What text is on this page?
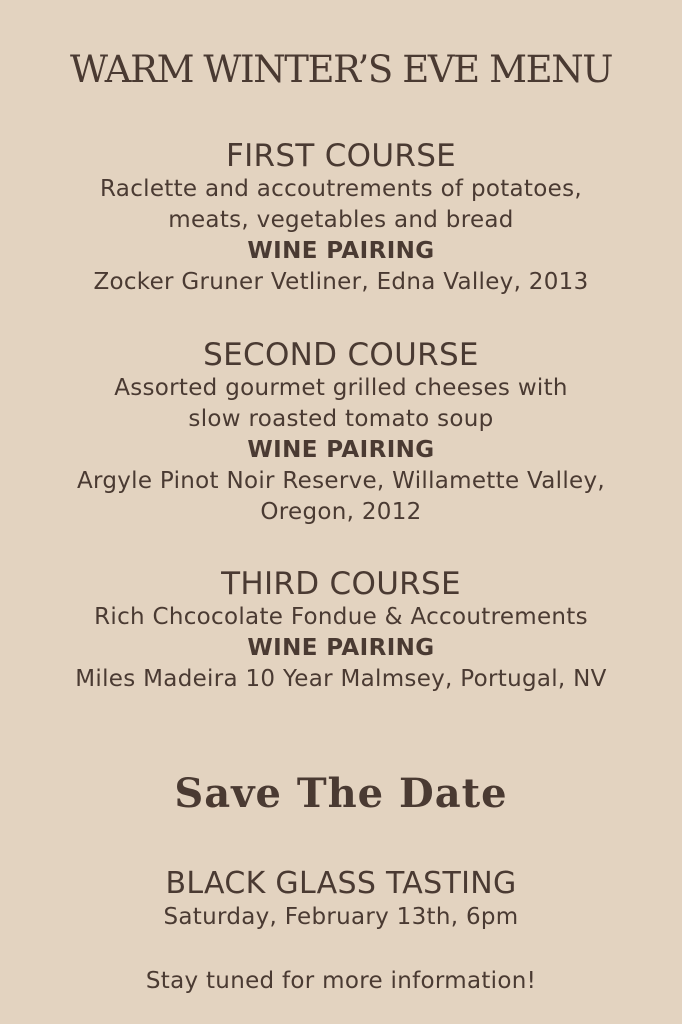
WARM WINTER’S EVE MENU
FIRST COURSE
Raclette and accoutrements of potatoes,
meats, vegetables and bread
WINE PAIRING
Zocker Gruner Vetliner, Edna Valley, 2013
SECOND COURSE
Assorted gourmet grilled cheeses with
slow roasted tomato soup
WINE PAIRING
Argyle Pinot Noir Reserve, Willamette Valley,
Oregon, 2012
THIRD COURSE
Rich Chcocolate Fondue & Accoutrements
WINE PAIRING
Miles Madeira 10 Year Malmsey, Portugal, NV
Save The Date
BLACK GLASS TASTING
Saturday, February 13th, 6pm
Stay tuned for more information!
